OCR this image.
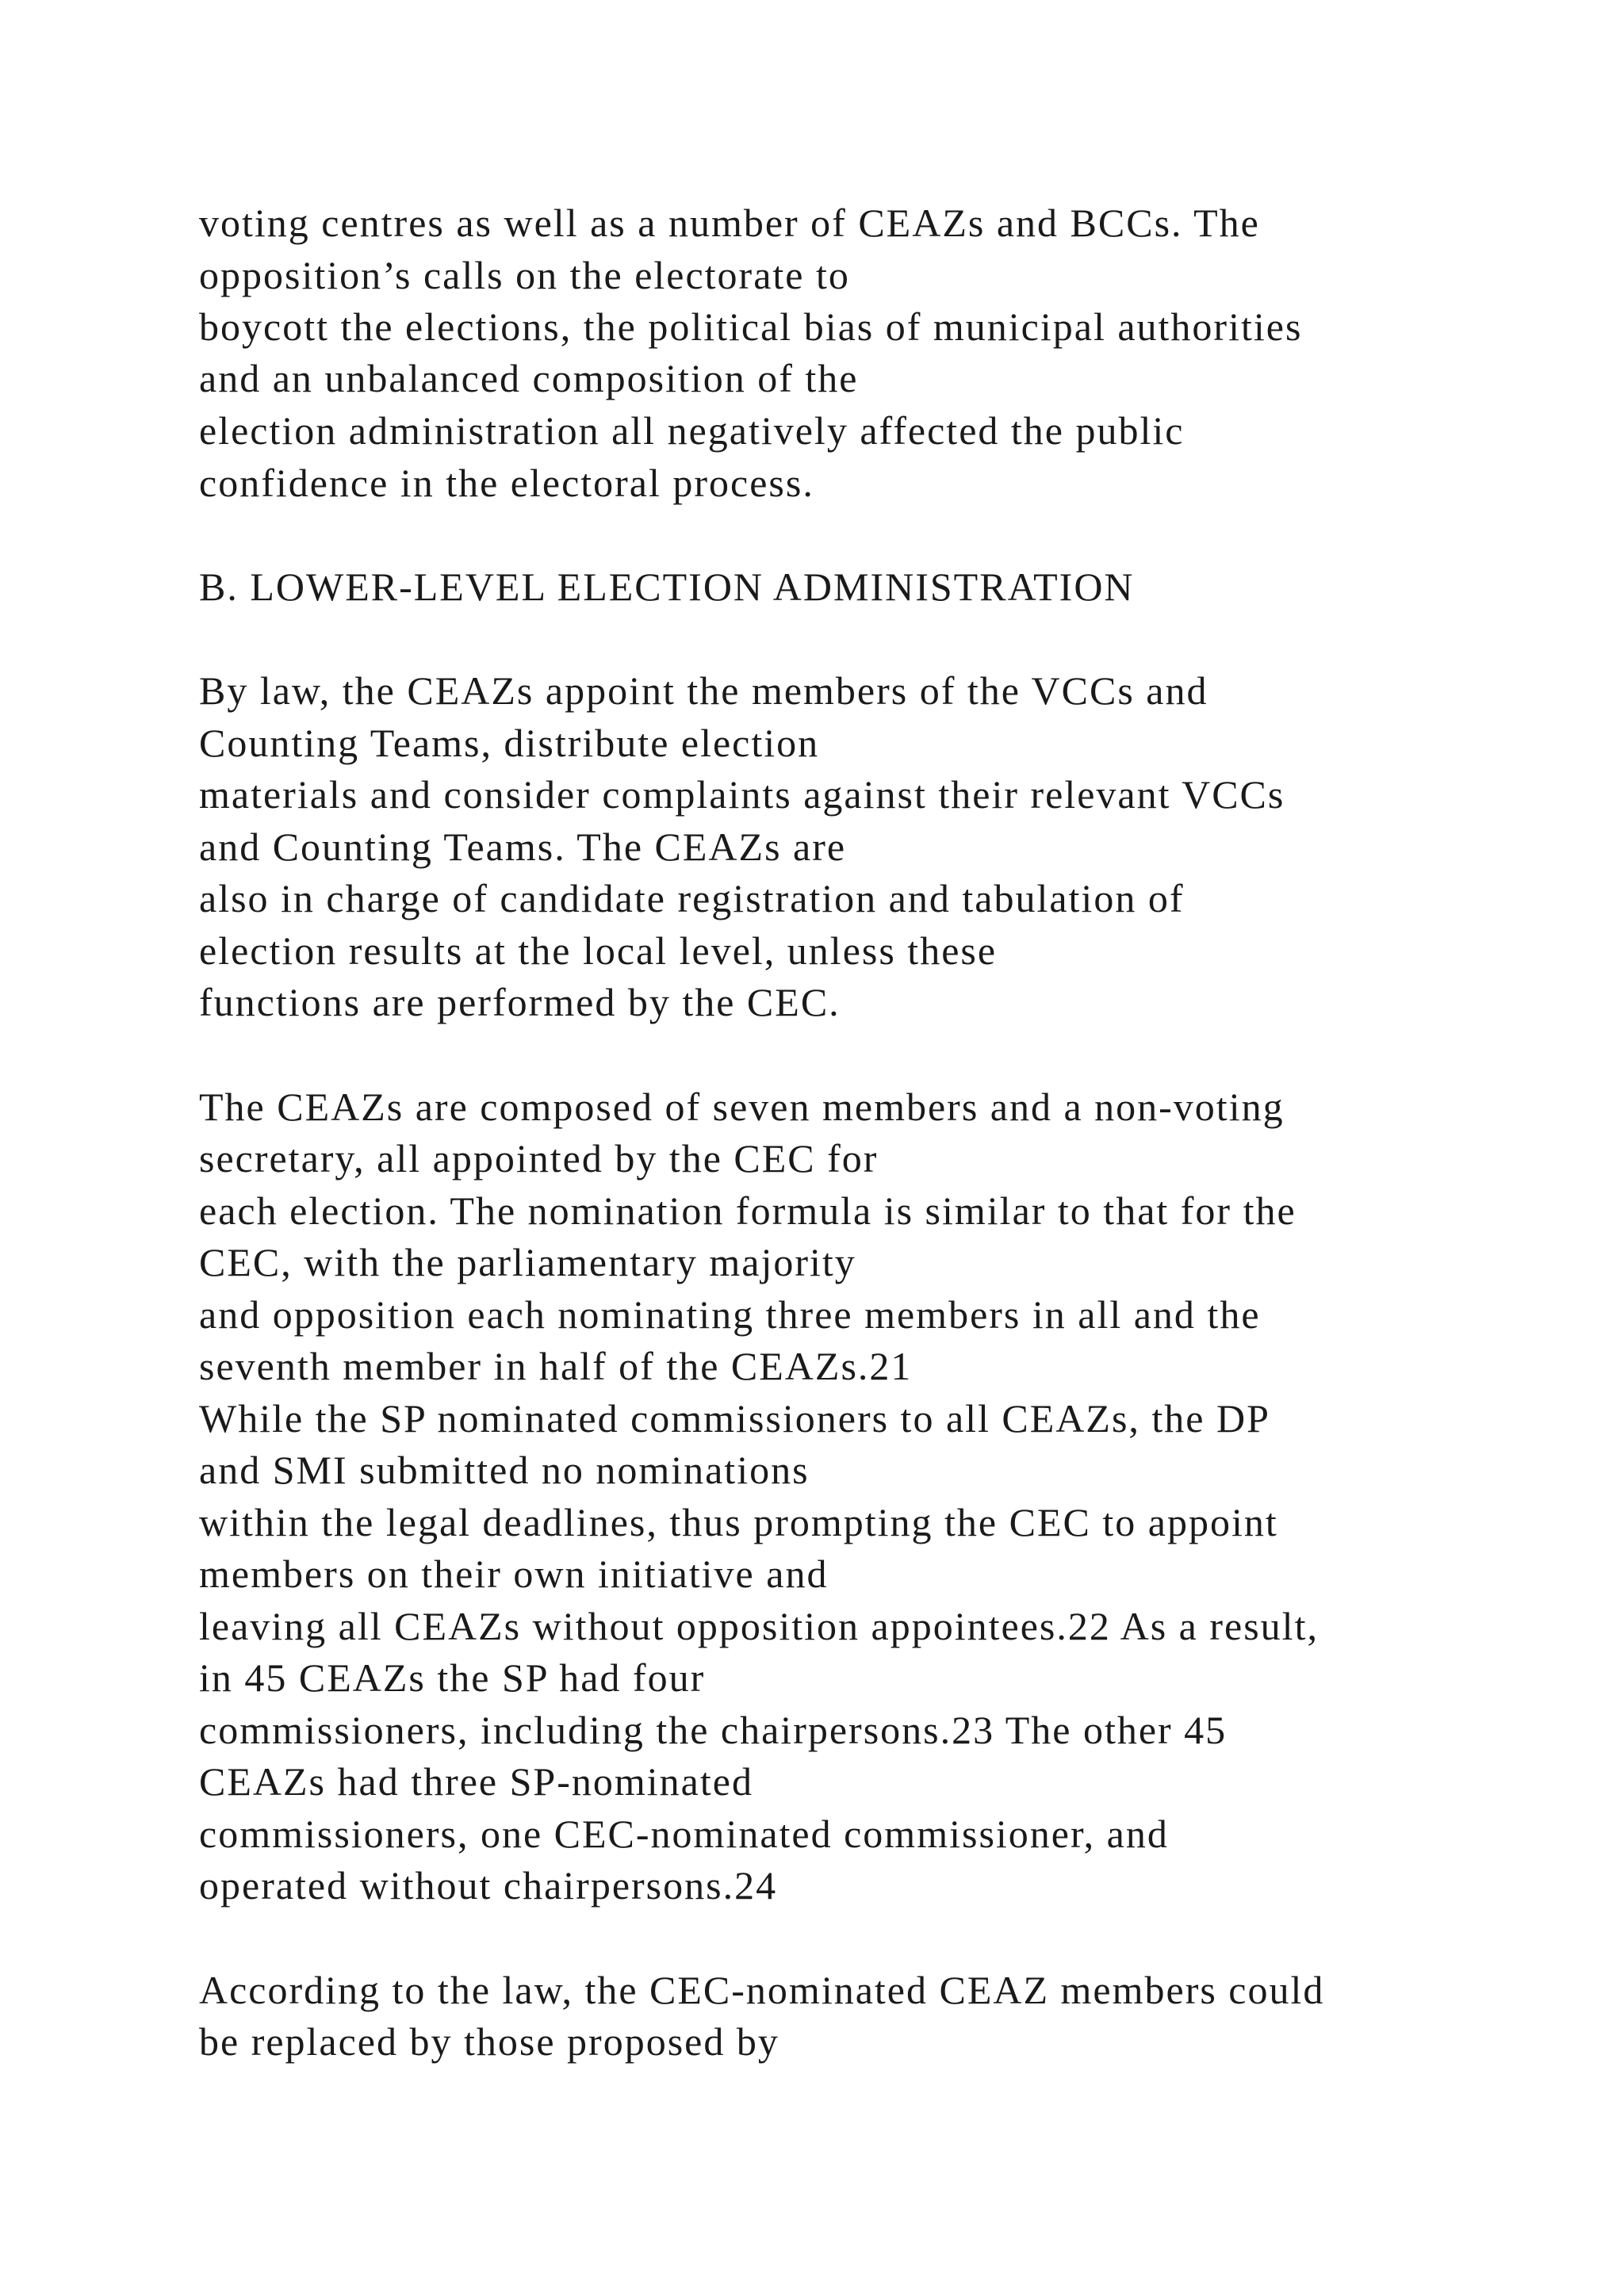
voting centres as well as a number of CEAZs and BCCs. The
opposition’s calls on the electorate to
boycott the elections, the political bias of municipal authorities
and an unbalanced composition of the
election administration all negatively affected the public
confidence in the electoral process.
B. LOWER-LEVEL ELECTION ADMINISTRATION
By law, the CEAZs appoint the members of the VCCs and
Counting Teams, distribute election
materials and consider complaints against their relevant VCCs
and Counting Teams. The CEAZs are
also in charge of candidate registration and tabulation of
election results at the local level, unless these
functions are performed by the CEC.
The CEAZs are composed of seven members and a non-voting
secretary, all appointed by the CEC for
each election. The nomination formula is similar to that for the
CEC, with the parliamentary majority
and opposition each nominating three members in all and the
seventh member in half of the CEAZs.21
While the SP nominated commissioners to all CEAZs, the DP
and SMI submitted no nominations
within the legal deadlines, thus prompting the CEC to appoint
members on their own initiative and
leaving all CEAZs without opposition appointees.22 As a result,
in 45 CEAZs the SP had four
commissioners, including the chairpersons.23 The other 45
CEAZs had three SP-nominated
commissioners, one CEC-nominated commissioner, and
operated without chairpersons.24
According to the law, the CEC-nominated CEAZ members could
be replaced by those proposed by
